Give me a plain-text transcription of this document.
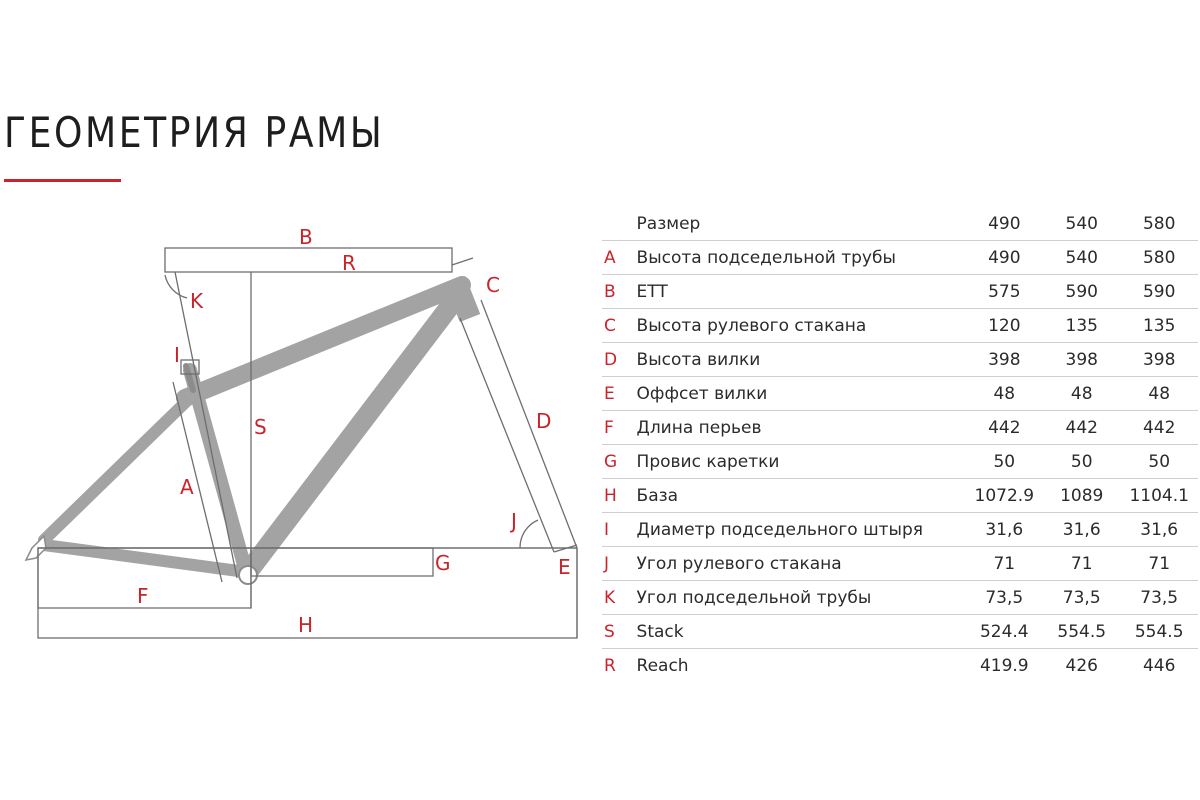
ГЕОМЕТРИЯ РАМЫ
B
R
K
C
I
S	D
A
J
G	E
F
H
	Размер	490	540	580
A	Высота подседельной трубы	490	540	580
B	ETT	575	590	590
C	Высота рулевого стакана	120	135	135
D	Высота вилки	398	398	398
E	Оффсет вилки	48	48	48
F	Длина перьев	442	442	442
G	Провис каретки	50	50	50
H	База	1072.9	1089	1104.1
I	Диаметр подседельного штыря	31,6	31,6	31,6
J	Угол рулевого стакана	71	71	71
K	Угол подседельной трубы	73,5	73,5	73,5
S	Stack	524.4	554.5	554.5
R	Reach	419.9	426	446
